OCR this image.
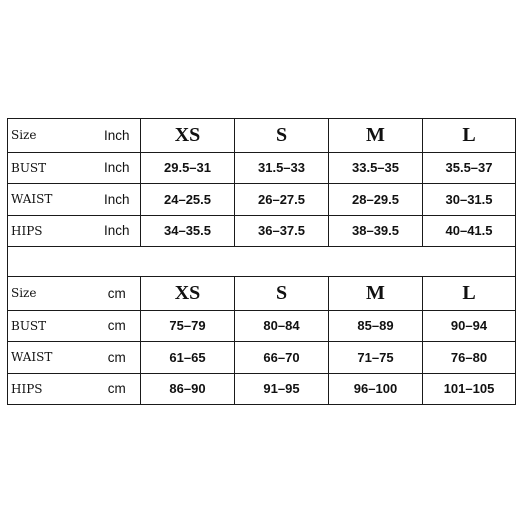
Size	Inch	XS	S	M	L
BUST	Inch	29.5–31	31.5–33	33.5–35	35.5–37
WAIST	Inch	24–25.5	26–27.5	28–29.5	30–31.5
HIPS	Inch	34–35.5	36–37.5	38–39.5	40–41.5

Size	cm	XS	S	M	L
BUST	cm	75–79	80–84	85–89	90–94
WAIST	cm	61–65	66–70	71–75	76–80
HIPS	cm	86–90	91–95	96–100	101–105
